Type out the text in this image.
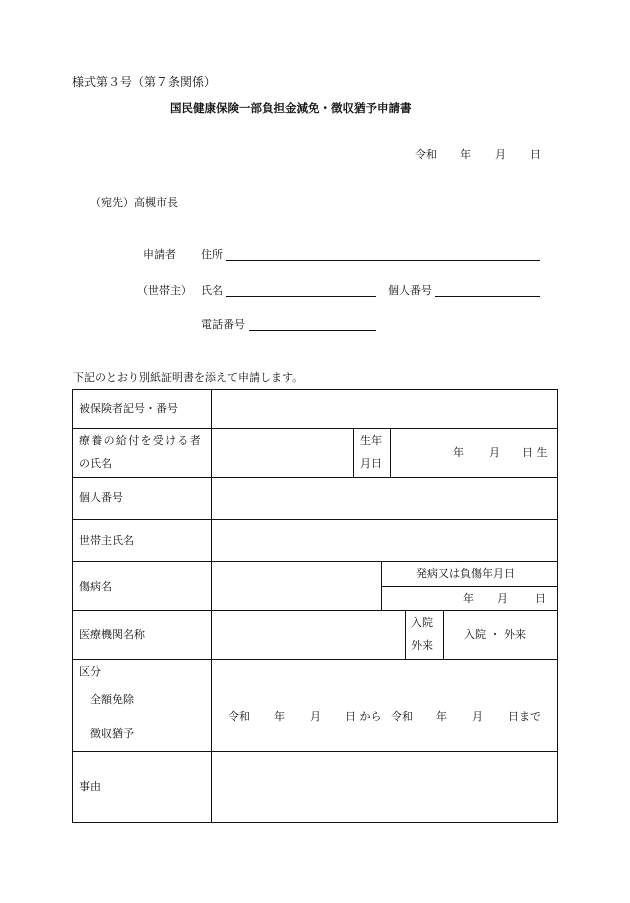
様式第３号（第７条関係）
国民健康保険一部負担金減免・徴収猶予申請書
令和 年 月 日
（宛先）高槻市長
申請者 住所
（世帯主） 氏名	個人番号
電話番号
下記のとおり別紙証明書を添えて申請します。
被保険者記号・番号
療養の給付を受ける者
の氏名
生年
月日
年 月 日 生
個人番号
世帯主氏名
傷病名
発病又は負傷年月日
年 月 日
医療機関名称
入院
外来
入院 ・ 外来
区分
全額免除
徴収猶予
令和 年 月 日 から 令和 年 月 日まで
事由
